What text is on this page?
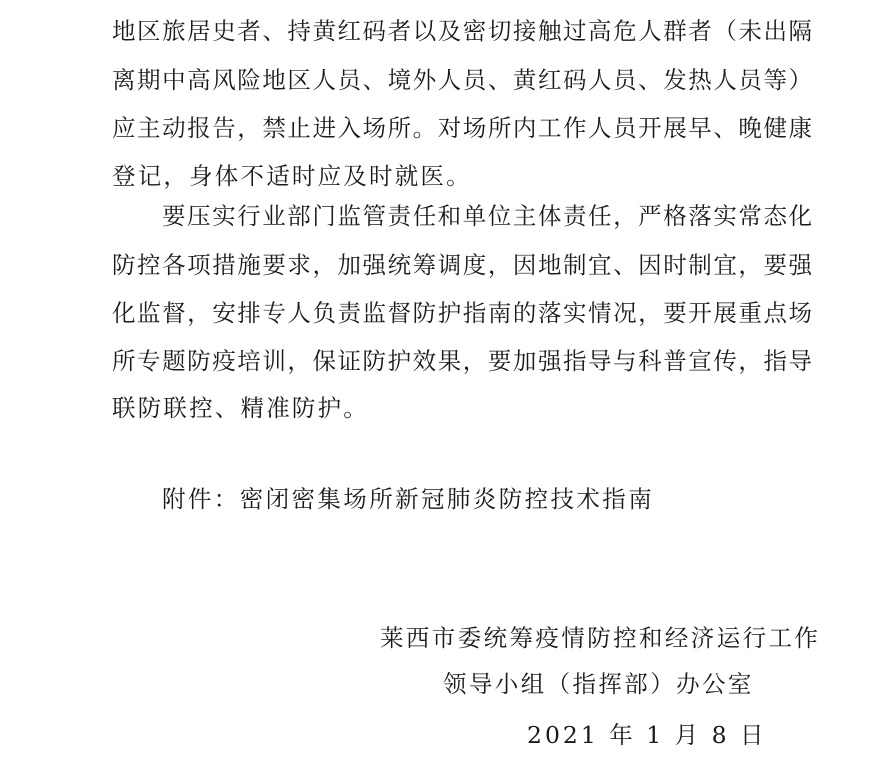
地区旅居史者、持黄红码者以及密切接触过高危人群者（未出隔
离期中高风险地区人员、境外人员、黄红码人员、发热人员等）
应主动报告，禁止进入场所。对场所内工作人员开展早、晚健康
登记，身体不适时应及时就医。
要压实行业部门监管责任和单位主体责任，严格落实常态化
防控各项措施要求，加强统筹调度，因地制宜、因时制宜，要强
化监督，安排专人负责监督防护指南的落实情况，要开展重点场
所专题防疫培训，保证防护效果，要加强指导与科普宣传，指导
联防联控、精准防护。
附件：密闭密集场所新冠肺炎防控技术指南
莱西市委统筹疫情防控和经济运行工作
领导小组（指挥部）办公室
2021 年 1 月 8 日
